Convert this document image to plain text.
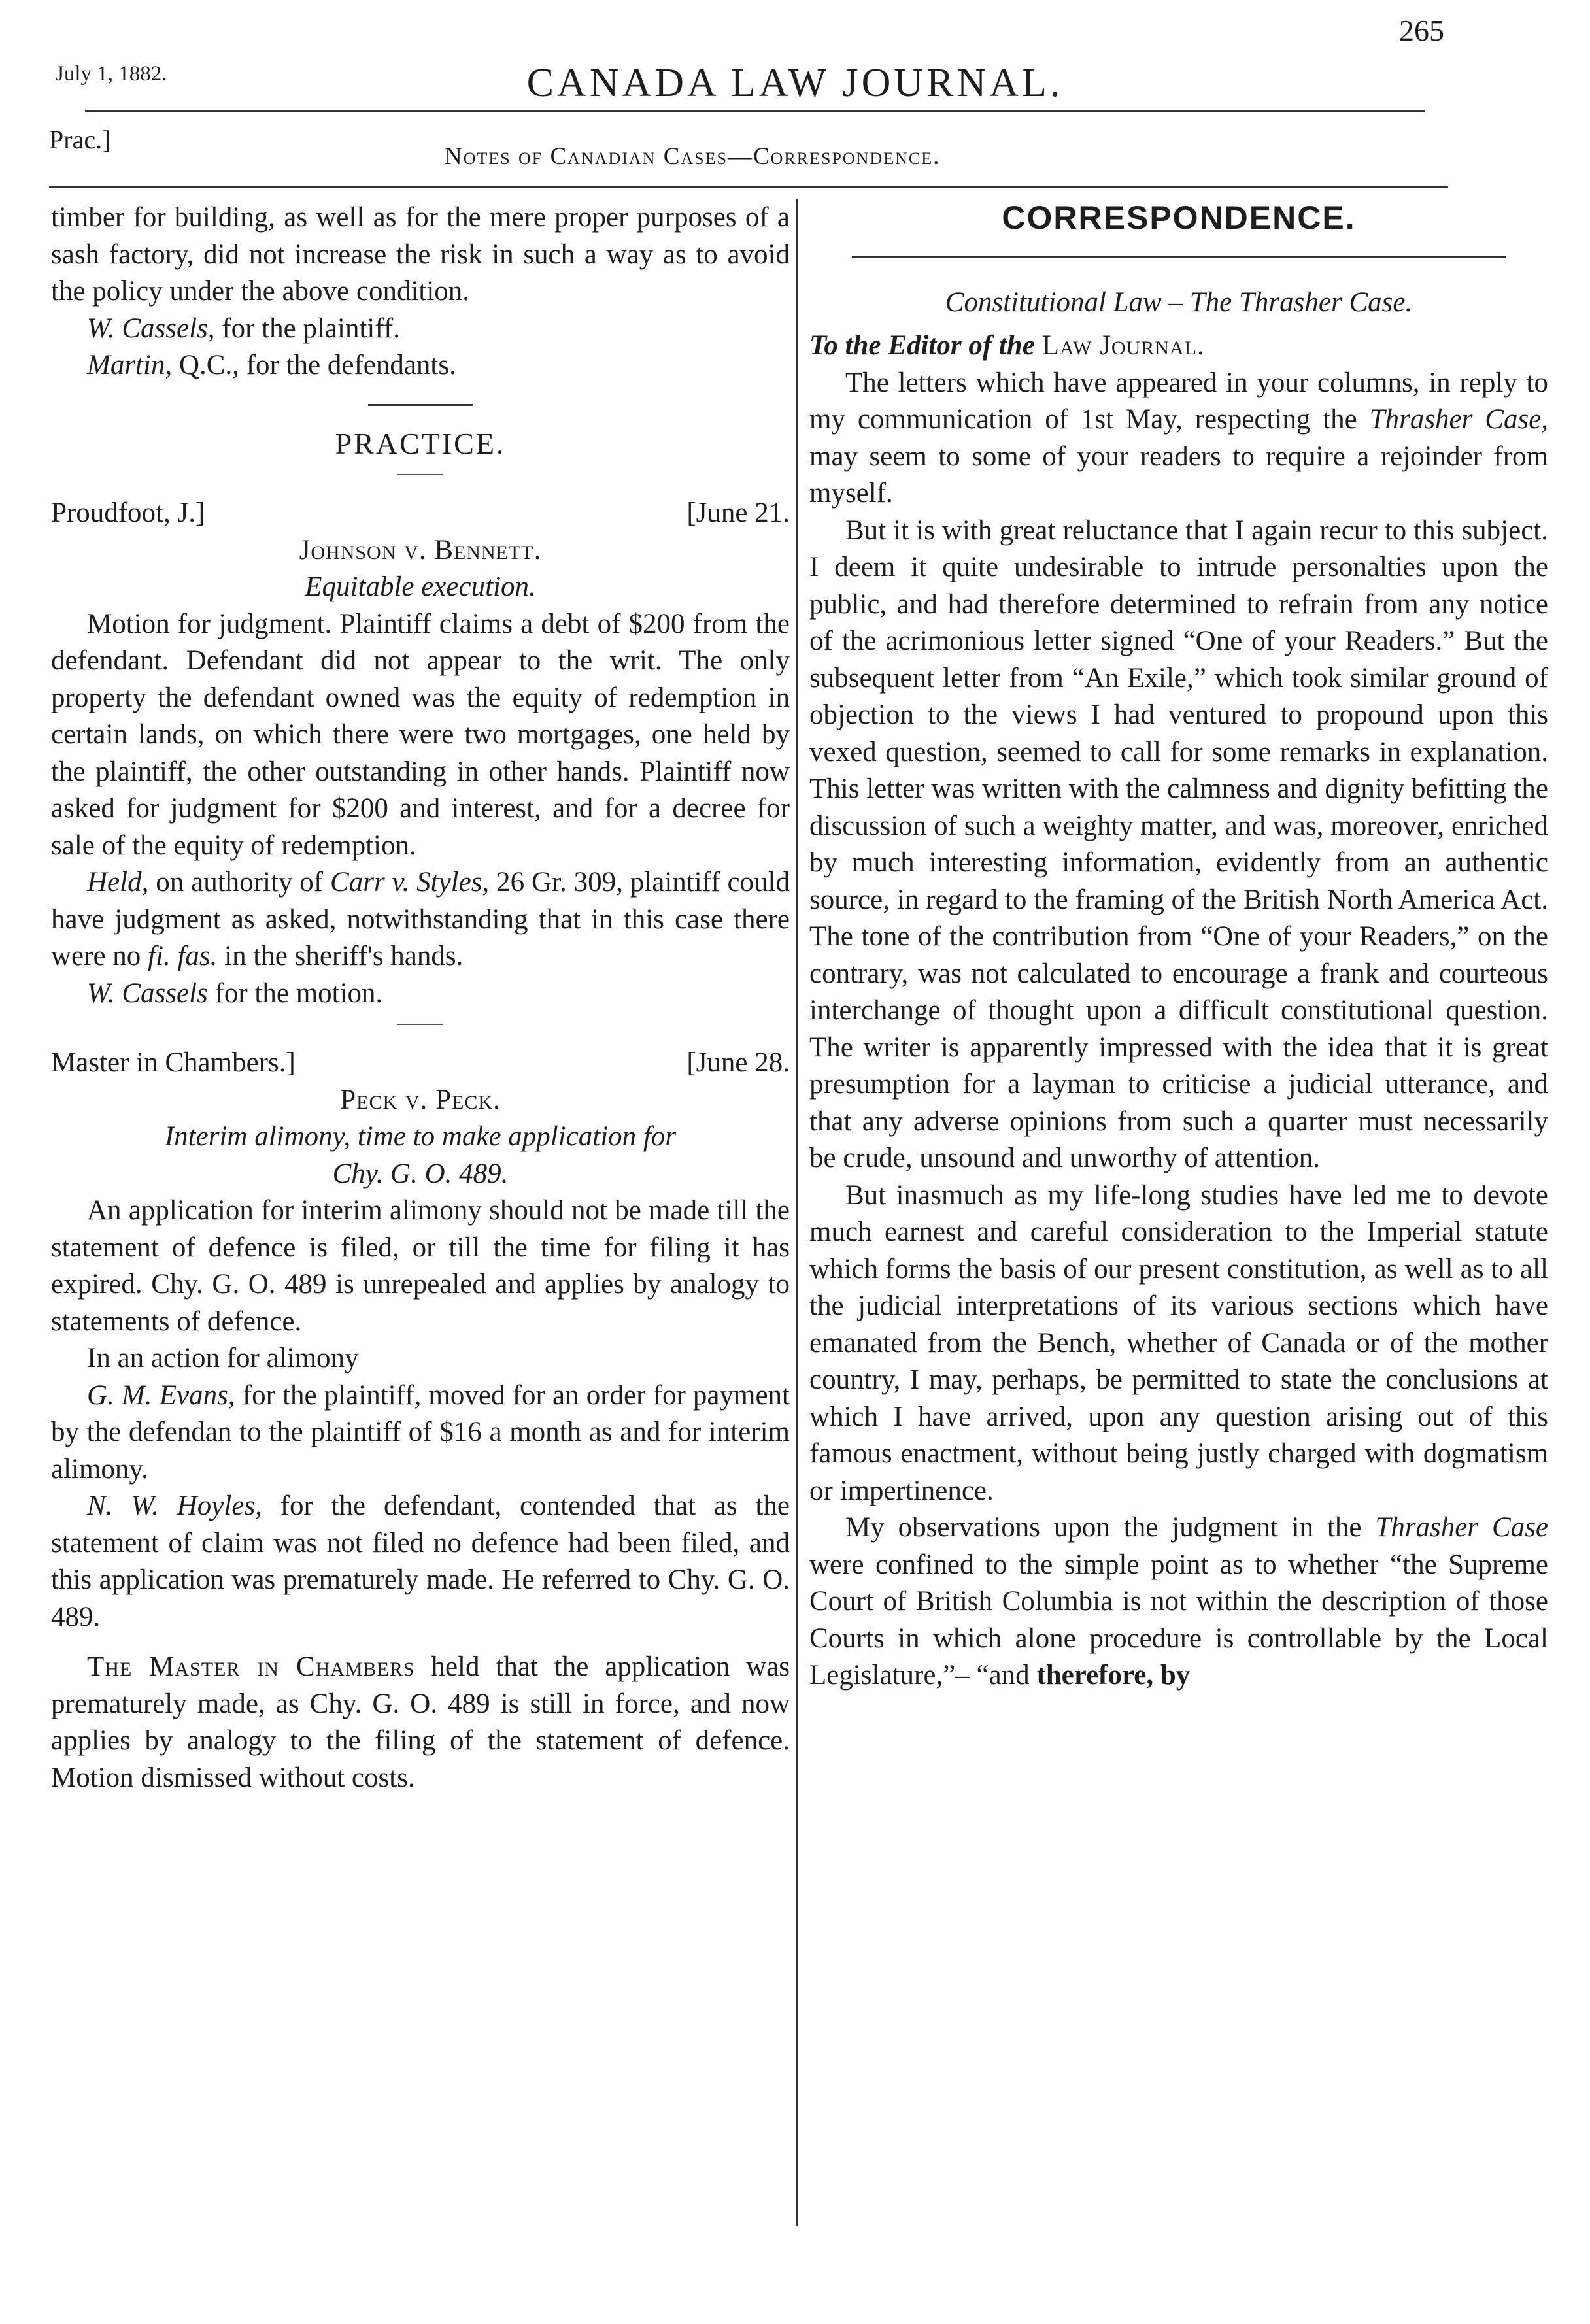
265
July 1, 1882.	CANADA LAW JOURNAL.
Prac.]
Notes of Canadian Cases—Correspondence.

timber for building, as well as for the mere proper purposes of a sash factory, did not increase the risk in such a way as to avoid the policy under the above condition.

W. Cassels, for the plaintiff.

Martin, Q.C., for the defendants.

PRACTICE.

Proudfoot, J.]	[June 21.

Johnson v. Bennett.

Equitable execution.

Motion for judgment. Plaintiff claims a debt of $200 from the defendant. Defendant did not appear to the writ. The only property the defendant owned was the equity of redemption in certain lands, on which there were two mortgages, one held by the plaintiff, the other outstanding in other hands. Plaintiff now asked for judgment for $200 and interest, and for a decree for sale of the equity of redemption.

Held, on authority of Carr v. Styles, 26 Gr. 309, plaintiff could have judgment as asked, notwithstanding that in this case there were no fi. fas. in the sheriff's hands.

W. Cassels for the motion.

Master in Chambers.]	[June 28.

Peck v. Peck.

Interim alimony, time to make application for

Chy. G. O. 489.

An application for interim alimony should not be made till the statement of defence is filed, or till the time for filing it has expired. Chy. G. O. 489 is unrepealed and applies by analogy to statements of defence.

In an action for alimony

G. M. Evans, for the plaintiff, moved for an order for payment by the defendan to the plaintiff of $16 a month as and for interim alimony.

N. W. Hoyles, for the defendant, contended that as the statement of claim was not filed no defence had been filed, and this application was prematurely made. He referred to Chy. G. O. 489.

The Master in Chambers held that the application was prematurely made, as Chy. G. O. 489 is still in force, and now applies by analogy to the filing of the statement of defence. Motion dismissed without costs.

CORRESPONDENCE.

Constitutional Law – The Thrasher Case.

To the Editor of the Law Journal.

The letters which have appeared in your columns, in reply to my communication of 1st May, respecting the Thrasher Case, may seem to some of your readers to require a rejoinder from myself.

But it is with great reluctance that I again recur to this subject. I deem it quite undesirable to intrude personalties upon the public, and had therefore determined to refrain from any notice of the acrimonious letter signed “One of your Readers.” But the subsequent letter from “An Exile,” which took similar ground of objection to the views I had ventured to propound upon this vexed question, seemed to call for some remarks in explanation. This letter was written with the calmness and dignity befitting the discussion of such a weighty matter, and was, moreover, enriched by much interesting information, evidently from an authentic source, in regard to the framing of the British North America Act. The tone of the contribution from “One of your Readers,” on the contrary, was not calculated to encourage a frank and courteous interchange of thought upon a difficult constitutional question. The writer is apparently impressed with the idea that it is great presumption for a layman to criticise a judicial utterance, and that any adverse opinions from such a quarter must necessarily be crude, unsound and unworthy of attention.

But inasmuch as my life-long studies have led me to devote much earnest and careful consideration to the Imperial statute which forms the basis of our present constitution, as well as to all the judicial interpretations of its various sections which have emanated from the Bench, whether of Canada or of the mother country, I may, perhaps, be permitted to state the conclusions at which I have arrived, upon any question arising out of this famous enactment, without being justly charged with dogmatism or impertinence.

My observations upon the judgment in the Thrasher Case were confined to the simple point as to whether “the Supreme Court of British Columbia is not within the description of those Courts in which alone procedure is controllable by the Local Legislature,”– “and therefore, by
